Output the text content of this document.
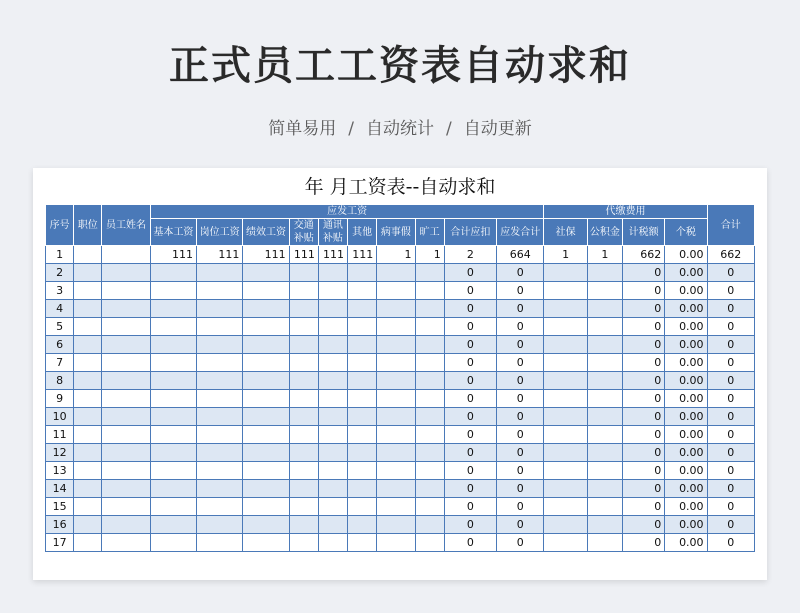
正式员工工资表自动求和
简单易用 / 自动统计 / 自动更新
年 月工资表--自动求和
序号	职位	员工姓名	应发工资										代缴费用				合计
			基本工资	岗位工资	绩效工资	交通补贴	通讯补贴	其他	病事假	旷工	合计应扣	应发合计	社保	公积金	计税额	个税	
1			111	111	111	111	111	111	1	1	2	664	1	1	662	0.00	662
2											0	0			0	0.00	0
3											0	0			0	0.00	0
4											0	0			0	0.00	0
5											0	0			0	0.00	0
6											0	0			0	0.00	0
7											0	0			0	0.00	0
8											0	0			0	0.00	0
9											0	0			0	0.00	0
10											0	0			0	0.00	0
11											0	0			0	0.00	0
12											0	0			0	0.00	0
13											0	0			0	0.00	0
14											0	0			0	0.00	0
15											0	0			0	0.00	0
16											0	0			0	0.00	0
17											0	0			0	0.00	0
